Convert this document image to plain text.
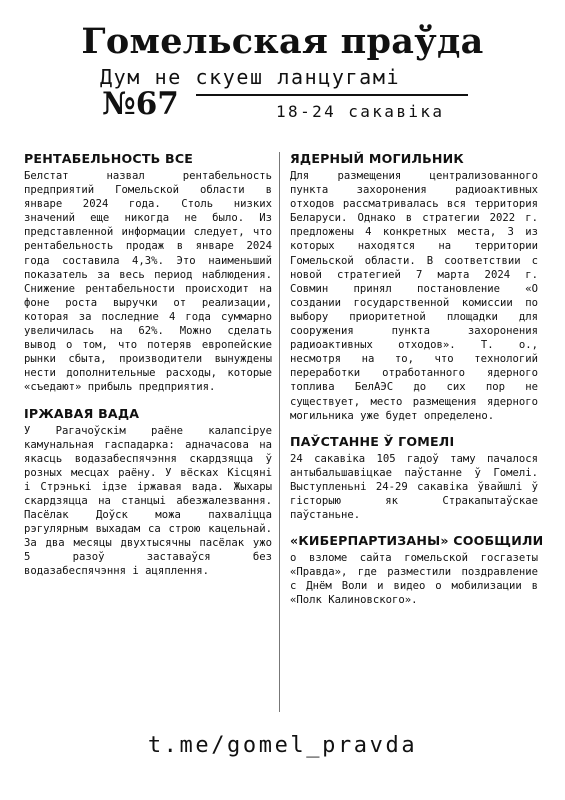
Гомельская праўда
Дум не скуеш ланцугамі
№67	18-24 сакавіка
РЕНТАБЕЛЬНОСТЬ ВСЕ

Белстат назвал рентабельность предприятий Гомельской области в январе 2024 года. Столь низких значений еще никогда не было. Из представленной информации следует, что рентабельность продаж в январе 2024 года составила 4,3%. Это наименьший показатель за весь период наблюдения. Снижение рентабельности происходит на фоне роста выручки от реализации, которая за последние 4 года суммарно увеличилась на 62%. Можно сделать вывод о том, что потеряв европейские рынки сбыта, производители вынуждены нести дополнительные расходы, которые «съедают» прибыль предприятия.

ІРЖАВАЯ ВАДА

У Рагачоўскім раёне калапсіруе камунальная гаспадарка: адначасова на якасць водазабеспячэння скардзяцца ў розных месцах раёну. У вёсках Кісцяні і Стрэнькі ідзе іржавая вада. Жыхары скардзяцца на станцыі абезжалезвання. Пасёлак Доўск можа пахваліцца рэгулярным выхадам са строю кацельнай. За два месяцы двухтысячны пасёлак ужо 5 разоў заставаўся без водазабеспячэння і ацяплення.

ЯДЕРНЫЙ МОГИЛЬНИК

Для размещения централизованного пункта захоронения радиоактивных отходов рассматривалась вся территория Беларуси. Однако в стратегии 2022 г. предложены 4 конкретных места, 3 из которых находятся на территории Гомельской области. В соответствии с новой стратегией 7 марта 2024 г. Совмин принял постановление «О создании государственной комиссии по выбору приоритетной площадки для сооружения пункта захоронения радиоактивных отходов». Т. о., несмотря на то, что технологий переработки отработанного ядерного топлива БелАЭС до сих пор не существует, место размещения ядерного могильника уже будет определено.

ПАЎСТАННЕ Ў ГОМЕЛІ

24 сакавіка 105 гадоў таму пачалося антыбальшавіцкае паўстанне ў Гомелі. Выступленьні 24-29 сакавіка ўвайшлі ў гісторыю як Стракапытаўскае паўстаньне.

«КИБЕРПАРТИЗАНЫ» СООБЩИЛИ

о взломе сайта гомельской госгазеты «Правда», где разместили поздравление с Днём Воли и видео о мобилизации в «Полк Калиновского».

t.me/gomel_pravda
